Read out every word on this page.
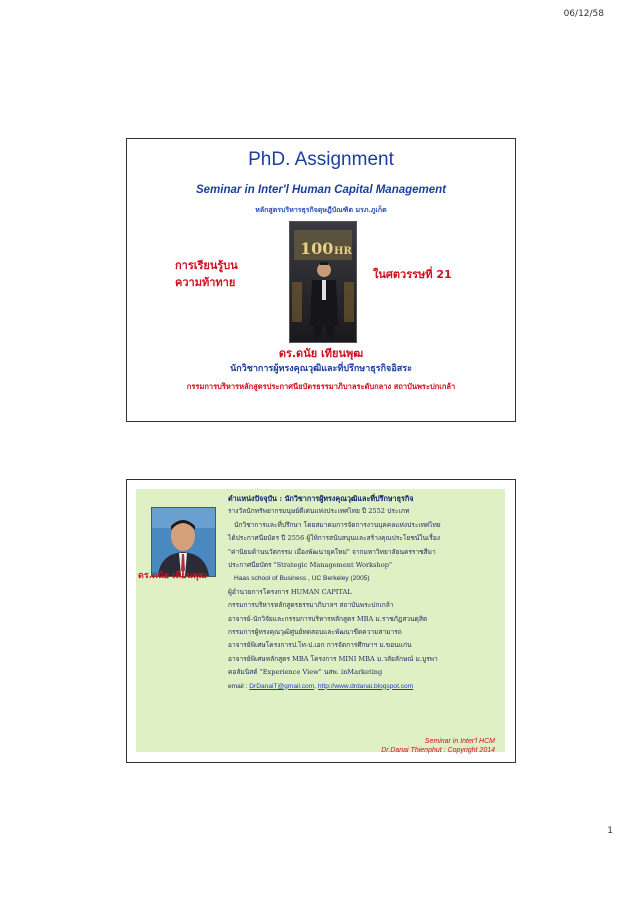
06/12/58
PhD. Assignment
Seminar in Inter'l Human Capital Management
หลักสูตรบริหารธุรกิจดุษฎีบัณฑิต มรภ.ภูเก็ต
การเรียนรู้บน
ความท้าทาย
100 HR
ในศตวรรษที่ 21
ดร.ดนัย เทียนพุฒ
นักวิชาการผู้ทรงคุณวุฒิและที่ปรึกษาธุรกิจอิสระ
กรรมการบริหารหลักสูตรประกาศนียบัตรธรรมาภิบาลระดับกลาง สถาบันพระปกเกล้า
ดร.ดนัย เทียนพุฒ
ตำแหน่งปัจจุบัน : นักวิชาการผู้ทรงคุณวุฒิและที่ปรึกษาธุรกิจ
รางวัลนักทรัพยากรมนุษย์ดีเด่นแห่งประเทศไทย ปี 2552 ประเภท
นักวิชาการและที่ปรึกษา โดยสมาคมการจัดการงานบุคคลแห่งประเทศไทย
ได้ประกาศนียบัตร ปี 2556 ผู้ให้การสนับสนุนและสร้างคุณประโยชน์ในเรื่อง
"ค่านิยมด้านนวัตกรรม เมืองพัฒนายุคใหม่" จากมหาวิทยาลัยนครราชสีมา
ประกาศนียบัตร "Strategic Management Workshop"
Haas school of Business , UC Berkeley (2005)
ผู้อำนวยการโครงการ HUMAN CAPITAL
กรรมการบริหารหลักสูตรธรรมาภิบาลฯ สถาบันพระปกเกล้า
อาจารย์-นักวิจัยและกรรมการบริหารหลักสูตร MBA ม.ราชภัฏสวนดุสิต
กรรมการผู้ทรงคุณวุฒิศูนย์ทดสอบและพัฒนาขีดความสามารถ
อาจารย์พิเศษโครงการป.โท-ป.เอก การจัดการศึกษาฯ ม.ขอนแก่น
อาจารย์พิเศษหลักสูตร MBA โครงการ MINI MBA ม.วลัยลักษณ์ ม.บูรพา
คอลัมนิสต์ "Experience View" นสพ. inMarketing
email : DrDanaiT@gmail.com, http://www.drdanai.blogspot.com
Seminar in Inter'l HCM
Dr.Danai Thienphut : Copyright 2014
1
